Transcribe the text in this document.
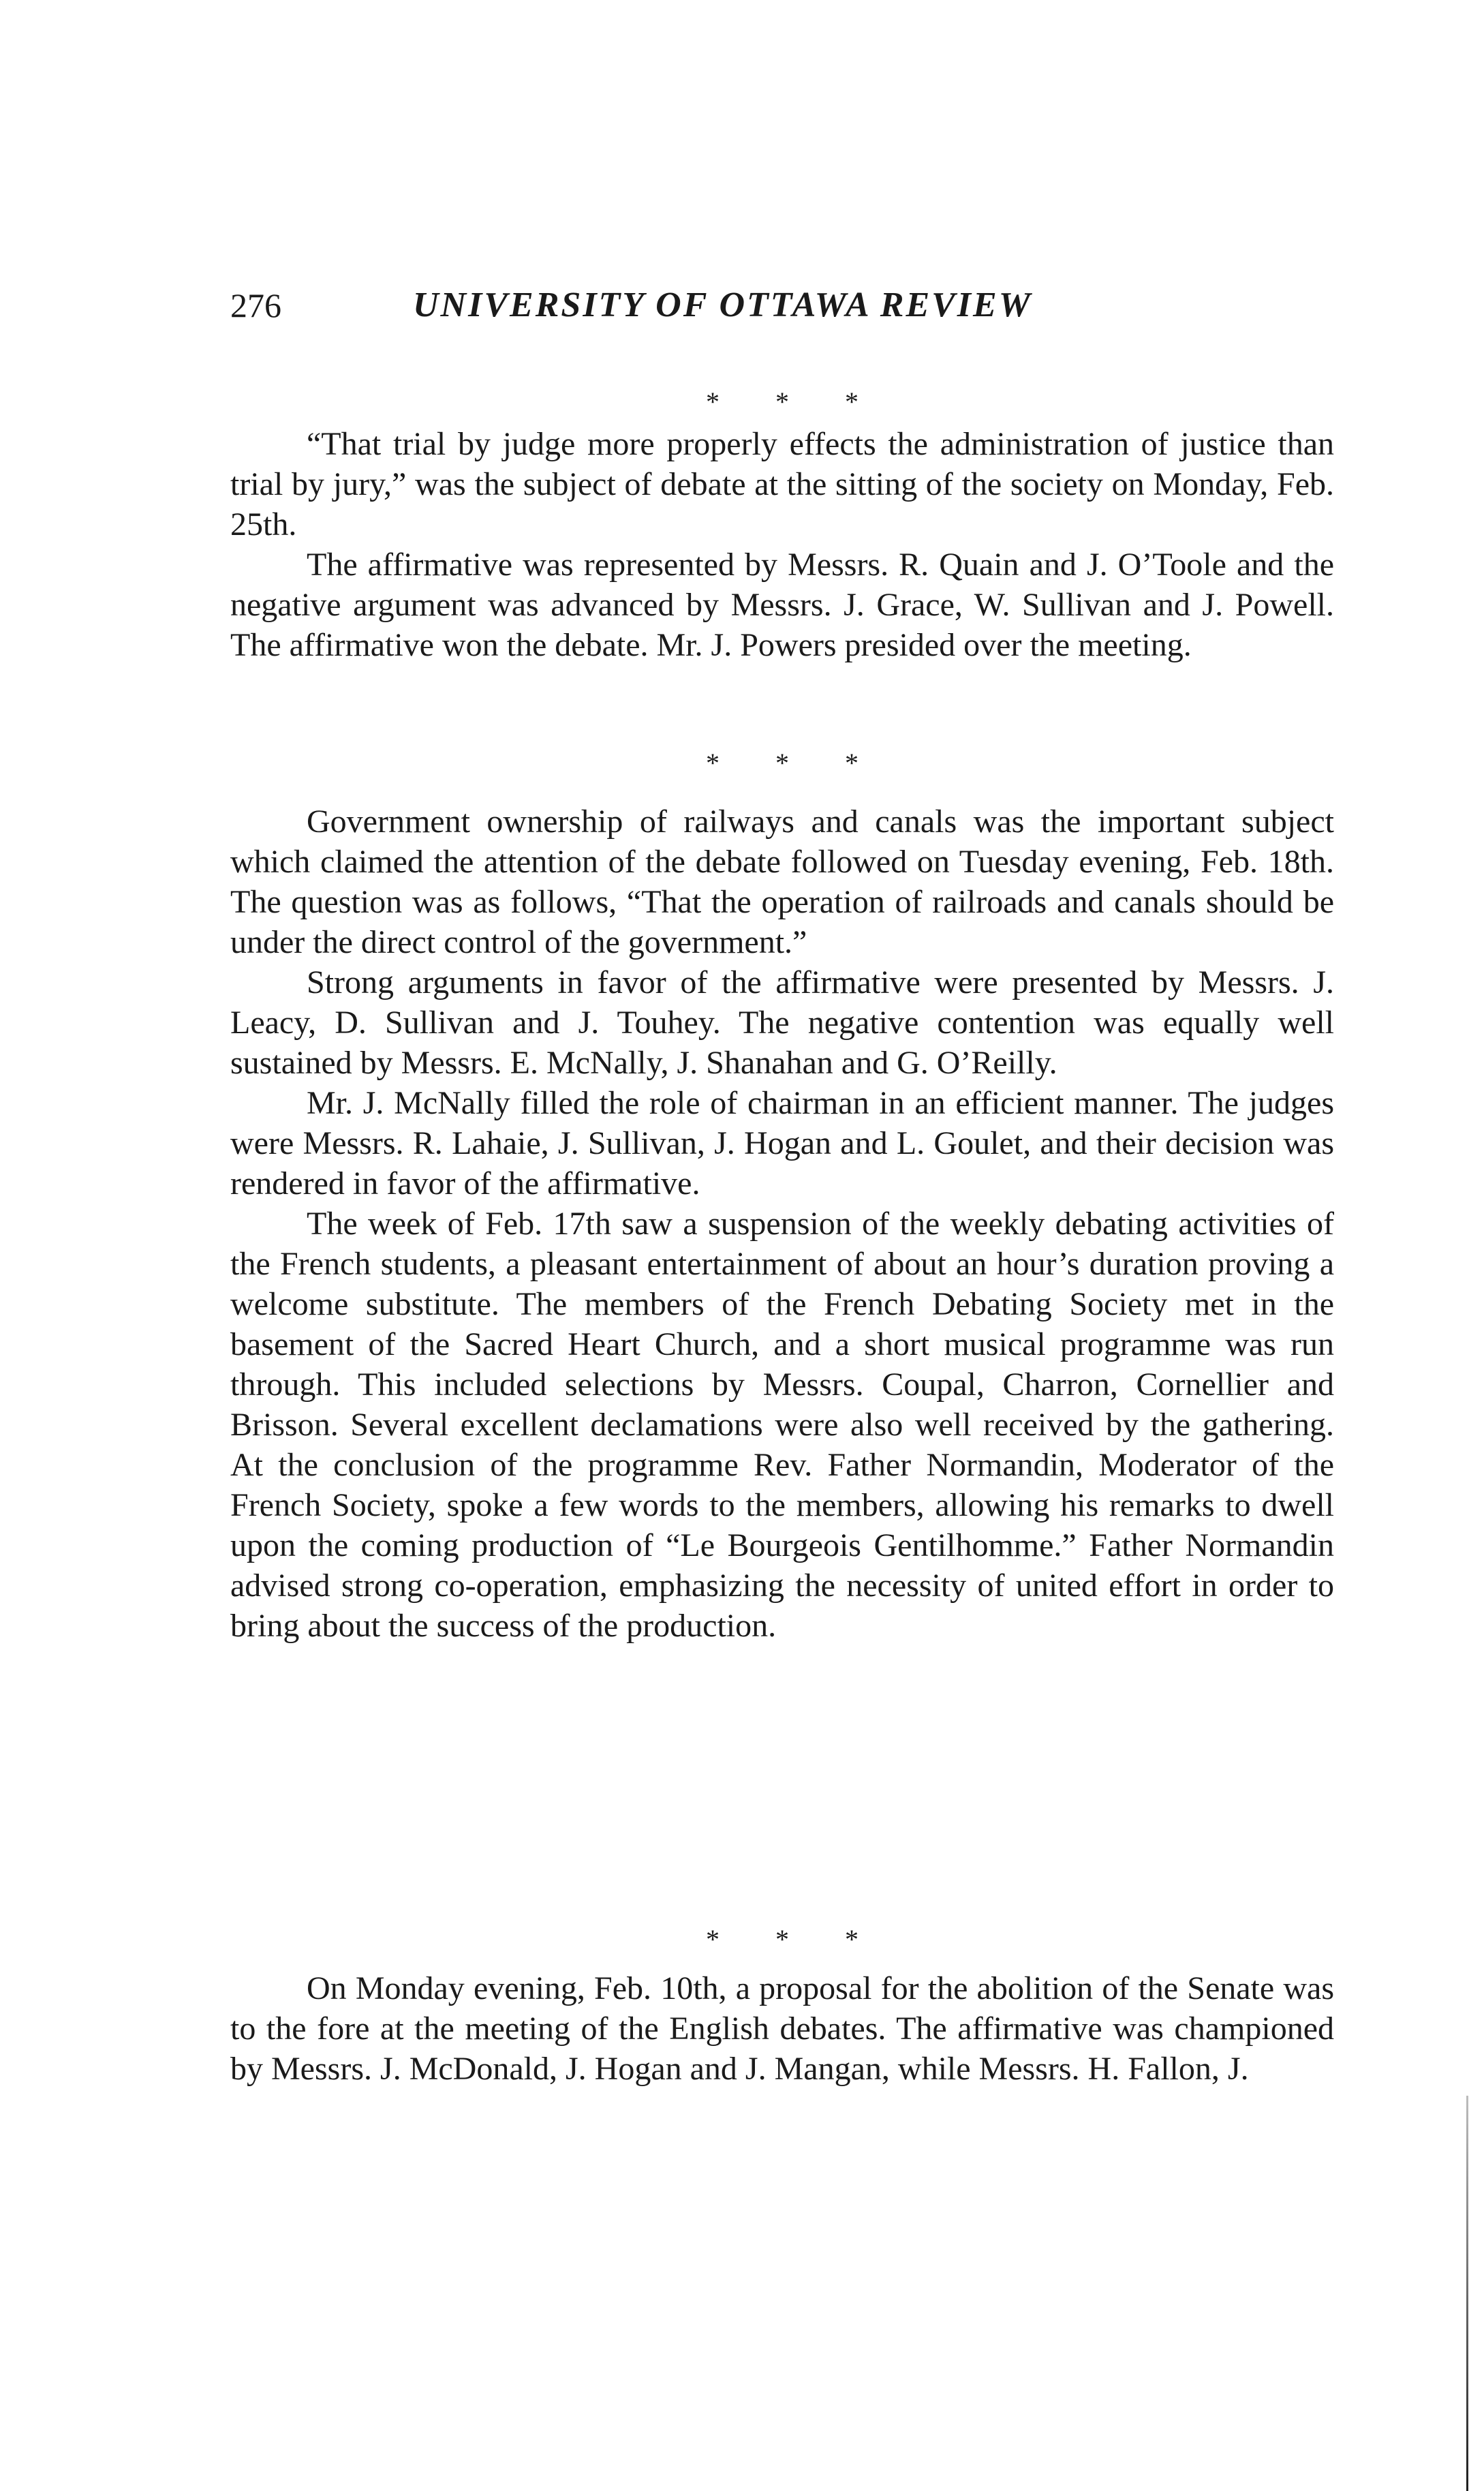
276	UNIVERSITY OF OTTAWA REVIEW
* * *

“That trial by judge more properly effects the administration of justice than trial by jury,” was the subject of debate at the sitting of the society on Monday, Feb. 25th.

The affirmative was represented by Messrs. R. Quain and J. O’Toole and the negative argument was advanced by Messrs. J. Grace, W. Sullivan and J. Powell. The affirmative won the debate. Mr. J. Powers presided over the meeting.

* * *

Government ownership of railways and canals was the important subject which claimed the attention of the debate followed on Tuesday evening, Feb. 18th. The question was as follows, “That the operation of railroads and canals should be under the direct control of the government.”

Strong arguments in favor of the affirmative were presented by Messrs. J. Leacy, D. Sullivan and J. Touhey. The negative contention was equally well sustained by Messrs. E. McNally, J. Shanahan and G. O’Reilly.

Mr. J. McNally filled the role of chairman in an efficient manner. The judges were Messrs. R. Lahaie, J. Sullivan, J. Hogan and L. Goulet, and their decision was rendered in favor of the affirmative.

The week of Feb. 17th saw a suspension of the weekly debating activities of the French students, a pleasant entertainment of about an hour’s duration proving a welcome substitute. The members of the French Debating Society met in the basement of the Sacred Heart Church, and a short musical programme was run through. This included selections by Messrs. Coupal, Charron, Cornellier and Brisson. Several excellent declamations were also well received by the gathering. At the conclusion of the programme Rev. Father Normandin, Moderator of the French Society, spoke a few words to the members, allowing his remarks to dwell upon the coming production of “Le Bourgeois Gentilhomme.” Father Normandin advised strong co-operation, emphasizing the necessity of united effort in order to bring about the success of the production.

* * *

On Monday evening, Feb. 10th, a proposal for the abolition of the Senate was to the fore at the meeting of the English debates. The affirmative was championed by Messrs. J. McDonald, J. Hogan and J. Mangan, while Messrs. H. Fallon, J.
